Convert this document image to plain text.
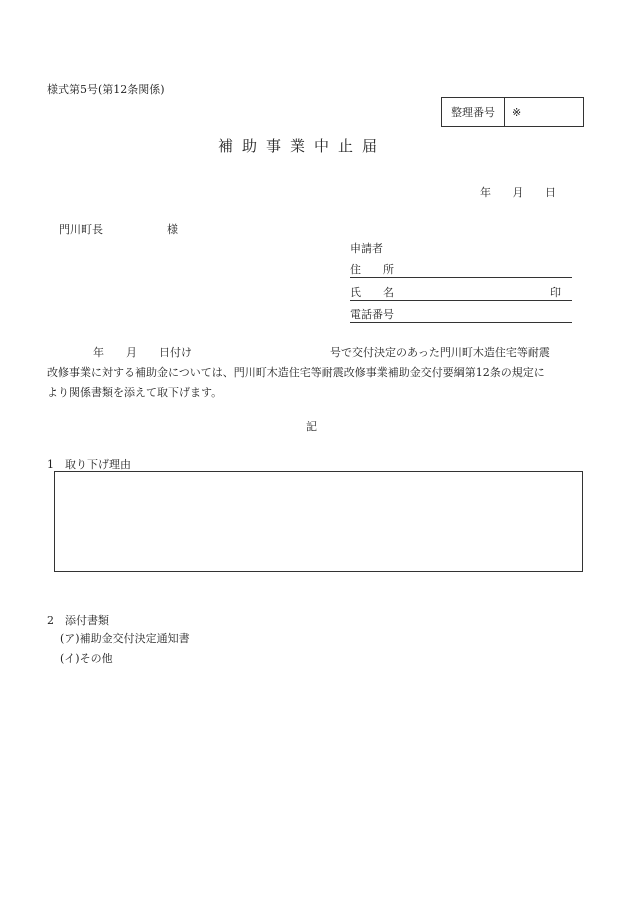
様式第5号(第12条関係)
整理番号	※
補助事業中止届
年 月 日
門川町長	様
申請者
住　　所
氏　　名	印
電話番号

年 月 日付け	号で交付決定のあった門川町木造住宅等耐震

改修事業に対する補助金については、門川町木造住宅等耐震改修事業補助金交付要綱第12条の規定に

より関係書類を添えて取下げます。

記
1　 取り下げ理由
2　 添付書類
(ア)補助金交付決定通知書
(イ)その他
